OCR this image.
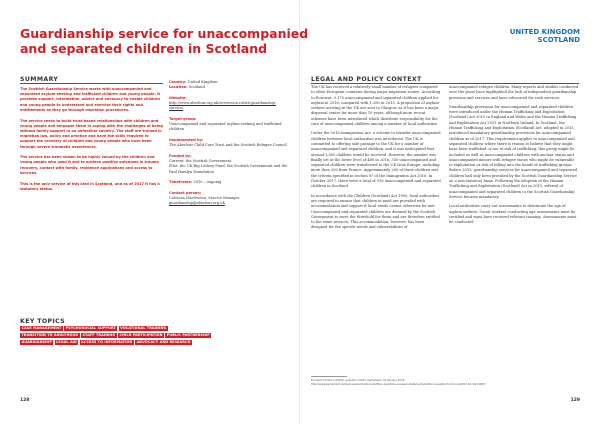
Guardianship service for unaccompanied
and separated children in Scotland
UNITED KINGDOM
SCOTLAND
SUMMARY

The Scottish Guardianship Service works with unaccompanied and separated asylum-seeking and trafficked children and young people. It provides support, information, advice and advocacy to enable children and young people to understand and exercise their rights and entitlements as they go through migration procedures.

The service seeks to build trust-based relationships with children and young people and empower them in coping with the challenges of being without family support in an unfamiliar country. The staff are trained in migration law, policy and practice and have the skills required to support the recovery of children and young people who have been through severe traumatic experiences.

The service has been shown to be highly valued by the children and young people who used it and to achieve positive outcomes in trauma recovery, contact with family, residence applications and access to services.

This is the only service of this kind in Scotland, and as of 2017 it has a statutory status.

Country: United Kingdom
Location: Scotland
Website:
http://www.aberlour.org.uk/services/scottish-guardianship-service/
Target group:
Unaccompanied and separated asylum-seeking and trafficked children
Implemented by:
The Aberlour Child Care Trust and the Scottish Refugee Council
Funded by:
Current: the Scottish Government
Pilot: the UK Big Lottery Fund, the Scottish Government and the Paul Hamlyn Foundation
Timeframe: 2010 – ongoing
Contact person:
Catriona MacSween, Service Manager
guardianship@aberlour.org.uk
KEY TOPICS
CASE MANAGEMENT	PSYCHOSOCIAL SUPPORT	VOCATIONAL TRAINING
TRANSITION TO ADULTHOOD	STAFF TRAINING	CHILD PARTICIPATION	PUBLIC PARTNERSHIP
GUARDIANSHIP	LEGAL AID	ACCESS TO INFORMATION	ADVOCACY AND RESEARCH
LEGAL AND POLICY CONTEXT

The UK has received a relatively small number of refugees compared to other European countries during major migration routes. According to Eurostat, 3,175 unaccompanied and separated children applied for asylum in 2016, compared with 1,280 in 2013. A proportion of asylum-seekers arriving in the UK are sent to Glasgow, as it has been a major dispersal centre for more than 10 years, although more recent schemes have been introduced which distribute responsibility for the care of unaccompanied children among a number of local authorities.

Under the 2016 Immigration Act, a scheme to transfer unaccompanied children between local authorities was introduced. The UK is committed to offering safe passage to the UK for a number of unaccompanied and separated children, and it was anticipated that around 3,000 children would be received. However, the number was finally set at the lower level of 480 in 2016, 350 unaccompanied and separated children were transferred to the UK from Europe, including more than 200 from France. Approximately 200 of these children met the criteria specified in section 67 of the Immigration Act 2016. In October 2017, there were a total of 916 unaccompanied and separated children in Scotland.

In accordance with the Children (Scotland) Act 1995, local authorities are required to ensure that children in need are provided with accommodation and support if local needs cannot otherwise be met. Unaccompanied and separated children are deemed by the Scottish Government to meet the threshold for these and are therefore entitled to the same services. This accommodation, however, has been designed for the specific needs and vulnerabilities of

unaccompanied refugee children. Many reports and studies conducted over the years have highlighted the lack of independent guardianship provision and services and have advocated for such services.

Guardianship provisions for unaccompanied and separated children were introduced under the Human Trafficking and Exploitation (Scotland) Act 2015 in England and Wales and the Human Trafficking and Exploitation Act 2015 in Northern Ireland. In Scotland, the Human Trafficking and Exploitation (Scotland) Act, adopted in 2015, introduced mandatory guardianship provisions for unaccompanied children as of 2017. This requirement applies to unaccompanied and separated children where there is reason to believe that they might have been trafficked or are at risk of trafficking; this group might be included as well as unaccompanied children with unclear status and unaccompanied minors with refugee status who might be vulnerable to exploitation or risk of falling into the hands of trafficking groups. Before 2015, guardianship services for unaccompanied and separated children had only been provided by the Scottish Guardianship Service on a non-statutory basis. Following the adoption of the Human Trafficking and Exploitation (Scotland) Act in 2015, referral of unaccompanied and separated children to the Scottish Guardianship Service became mandatory.

Local authorities carry out assessments to determine the age of asylum-seekers. Social workers conducting age assessments must be certified and must have received relevant training. Assessments must be conducted

Eurostat: Children Written question 13497, Parliament, 23 January 2018
http://www.parliament.uk/business/publications/written-questions-answers-statements/written-question/Commons/2017-01-16/13497/
128	129
